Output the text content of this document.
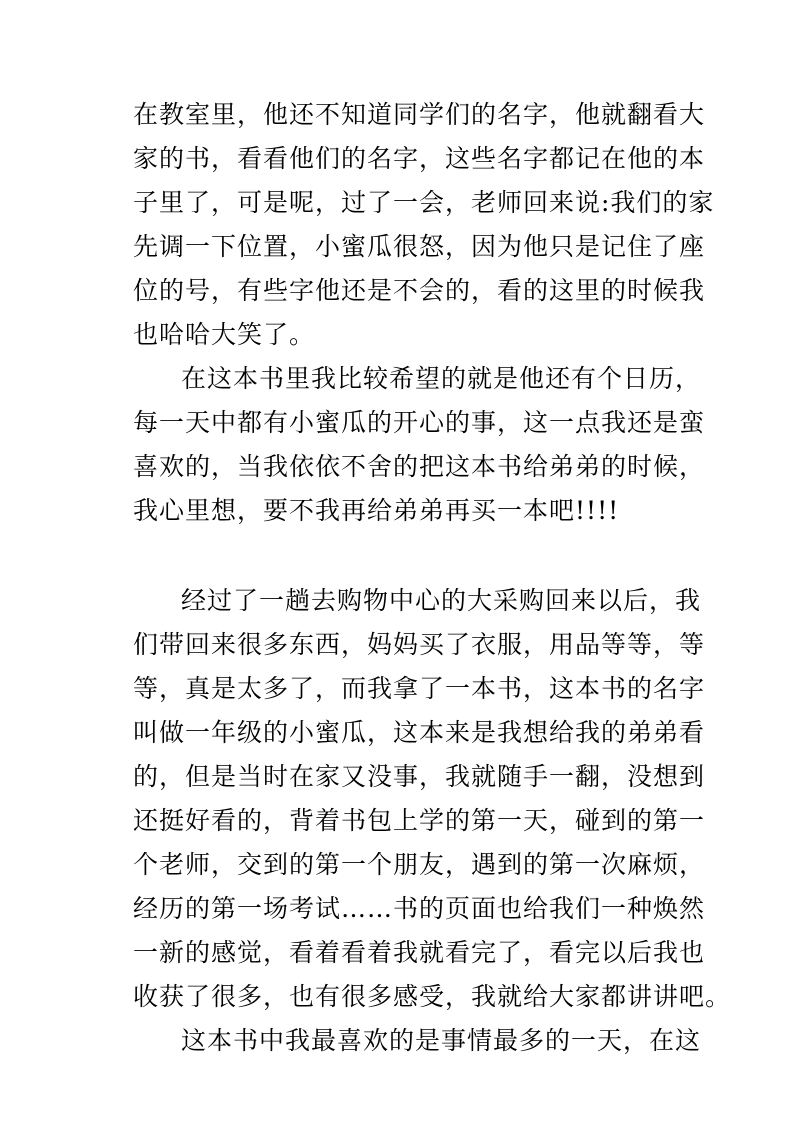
在教室里，他还不知道同学们的名字，他就翻看大
家的书，看看他们的名字，这些名字都记在他的本
子里了，可是呢，过了一会，老师回来说:我们的家
先调一下位置，小蜜瓜很怒，因为他只是记住了座
位的号，有些字他还是不会的，看的这里的时候我
也哈哈大笑了。
在这本书里我比较希望的就是他还有个日历，
每一天中都有小蜜瓜的开心的事，这一点我还是蛮
喜欢的，当我依依不舍的把这本书给弟弟的时候，
我心里想，要不我再给弟弟再买一本吧!!!!
经过了一趟去购物中心的大采购回来以后，我
们带回来很多东西，妈妈买了衣服，用品等等，等
等，真是太多了，而我拿了一本书，这本书的名字
叫做一年级的小蜜瓜，这本来是我想给我的弟弟看
的，但是当时在家又没事，我就随手一翻，没想到
还挺好看的，背着书包上学的第一天，碰到的第一
个老师，交到的第一个朋友，遇到的第一次麻烦，
经历的第一场考试……书的页面也给我们一种焕然
一新的感觉，看着看着我就看完了，看完以后我也
收获了很多，也有很多感受，我就给大家都讲讲吧。
这本书中我最喜欢的是事情最多的一天，在这
